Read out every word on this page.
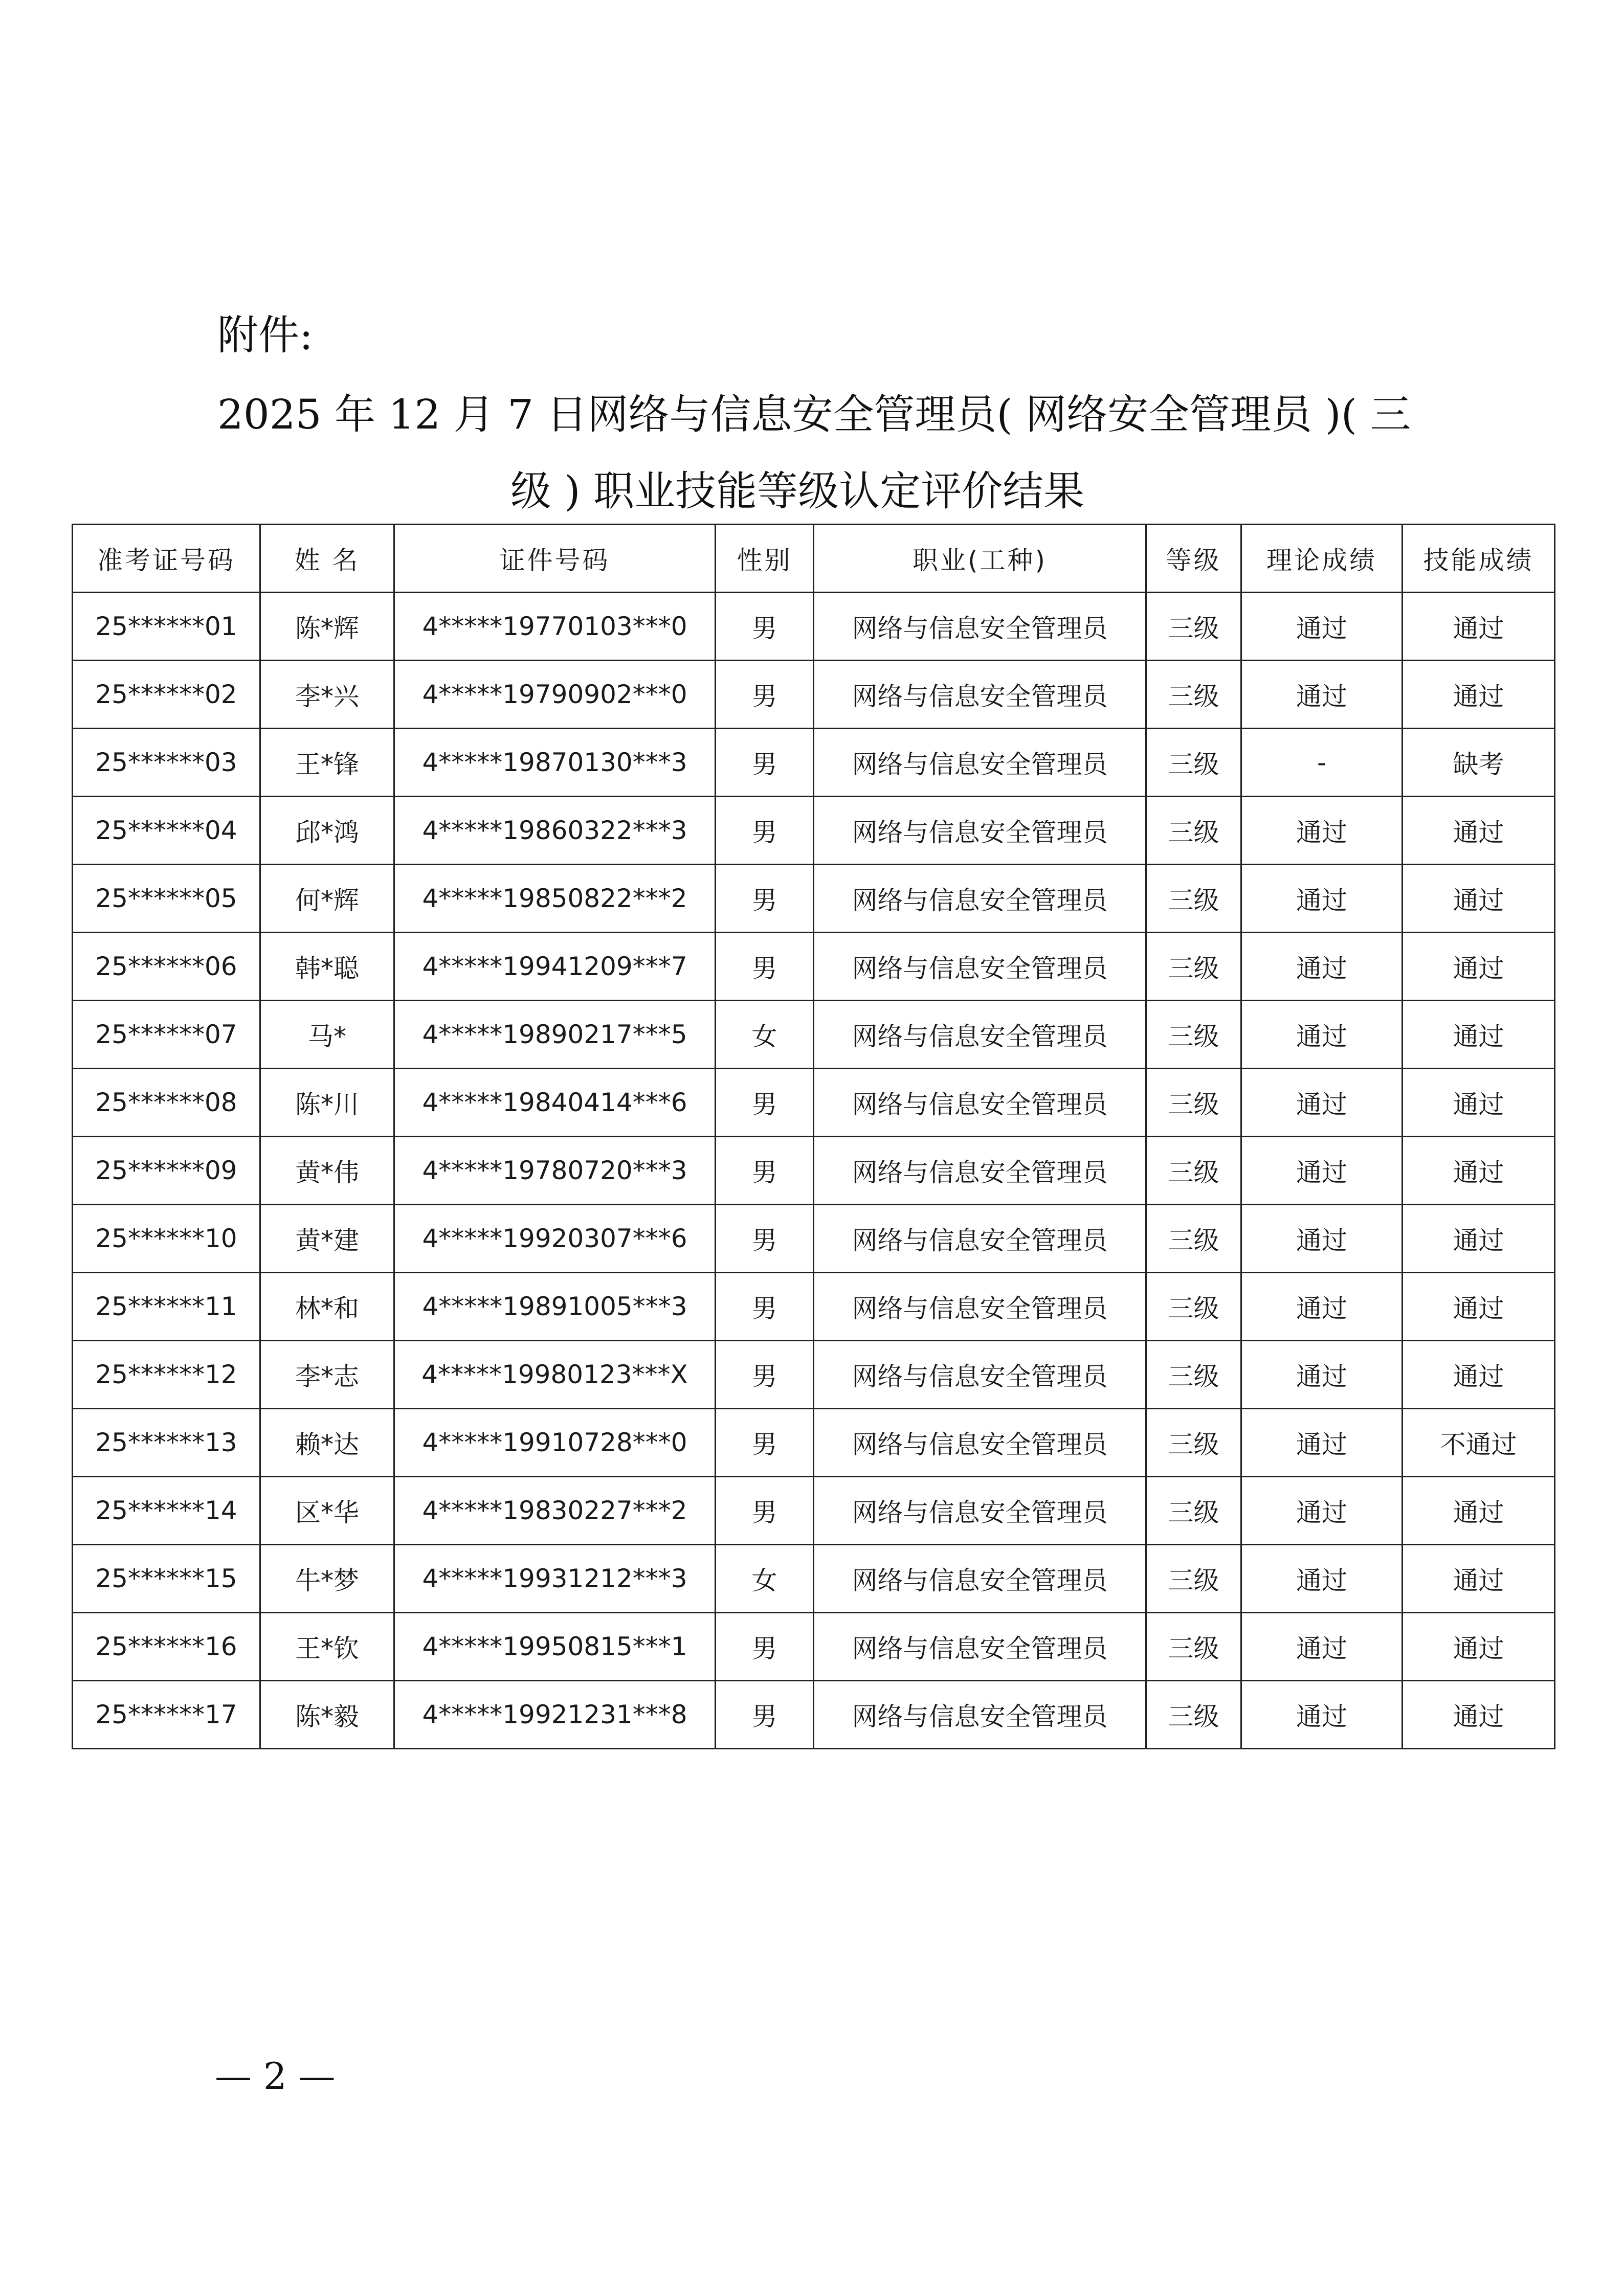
附件:
2025 年 12 月 7 日网络与信息安全管理员( 网络安全管理员 )( 三
级 ) 职业技能等级认定评价结果
准考证号码	姓 名	证件号码	性别	职业(工种)	等级	理论成绩	技能成绩
25******01	陈*辉	4*****19770103***0	男	网络与信息安全管理员	三级	通过	通过
25******02	李*兴	4*****19790902***0	男	网络与信息安全管理员	三级	通过	通过
25******03	王*锋	4*****19870130***3	男	网络与信息安全管理员	三级	-	缺考
25******04	邱*鸿	4*****19860322***3	男	网络与信息安全管理员	三级	通过	通过
25******05	何*辉	4*****19850822***2	男	网络与信息安全管理员	三级	通过	通过
25******06	韩*聪	4*****19941209***7	男	网络与信息安全管理员	三级	通过	通过
25******07	马*	4*****19890217***5	女	网络与信息安全管理员	三级	通过	通过
25******08	陈*川	4*****19840414***6	男	网络与信息安全管理员	三级	通过	通过
25******09	黄*伟	4*****19780720***3	男	网络与信息安全管理员	三级	通过	通过
25******10	黄*建	4*****19920307***6	男	网络与信息安全管理员	三级	通过	通过
25******11	林*和	4*****19891005***3	男	网络与信息安全管理员	三级	通过	通过
25******12	李*志	4*****19980123***X	男	网络与信息安全管理员	三级	通过	通过
25******13	赖*达	4*****19910728***0	男	网络与信息安全管理员	三级	通过	不通过
25******14	区*华	4*****19830227***2	男	网络与信息安全管理员	三级	通过	通过
25******15	牛*梦	4*****19931212***3	女	网络与信息安全管理员	三级	通过	通过
25******16	王*钦	4*****19950815***1	男	网络与信息安全管理员	三级	通过	通过
25******17	陈*毅	4*****19921231***8	男	网络与信息安全管理员	三级	通过	通过
— 2 —
